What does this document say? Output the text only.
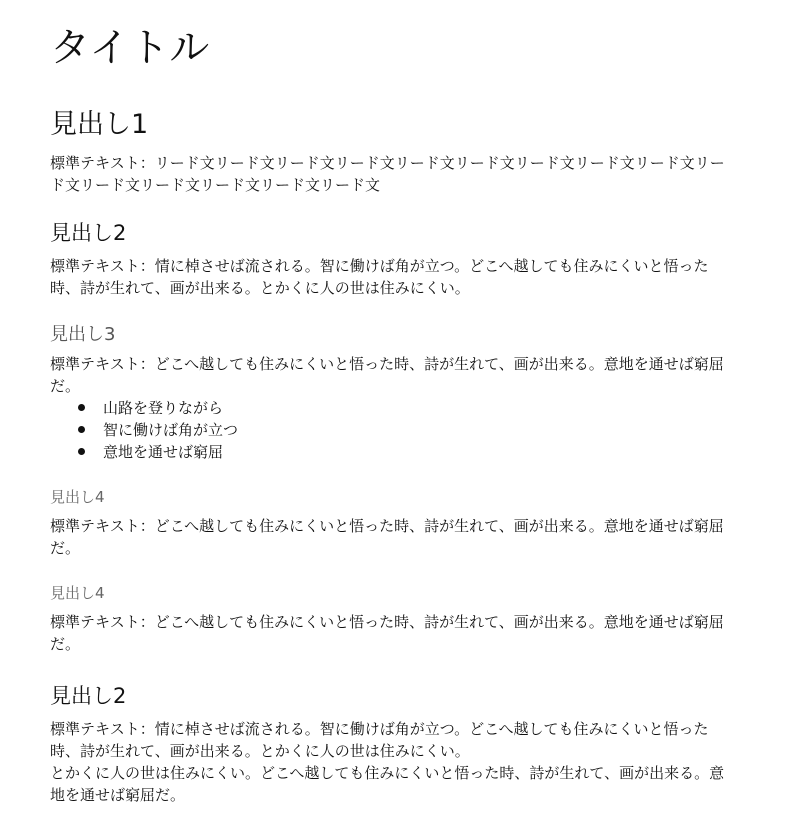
タイトル
見出し1

標準テキスト：リード文リード文リード文リード文リード文リード文リード文リード文リード文リード文リード文リード文リード文リード文リード文

見出し2

標準テキスト：情に棹させば流される。智に働けば角が立つ。どこへ越しても住みにくいと悟った時、詩が生れて、画が出来る。とかくに人の世は住みにくい。

見出し3

標準テキスト：どこへ越しても住みにくいと悟った時、詩が生れて、画が出来る。意地を通せば窮屈だ。

山路を登りながら
智に働けば角が立つ
意地を通せば窮屈
見出し4

標準テキスト：どこへ越しても住みにくいと悟った時、詩が生れて、画が出来る。意地を通せば窮屈だ。

見出し4

標準テキスト：どこへ越しても住みにくいと悟った時、詩が生れて、画が出来る。意地を通せば窮屈だ。

見出し2

標準テキスト：情に棹させば流される。智に働けば角が立つ。どこへ越しても住みにくいと悟った時、詩が生れて、画が出来る。とかくに人の世は住みにくい。

とかくに人の世は住みにくい。どこへ越しても住みにくいと悟った時、詩が生れて、画が出来る。意地を通せば窮屈だ。
